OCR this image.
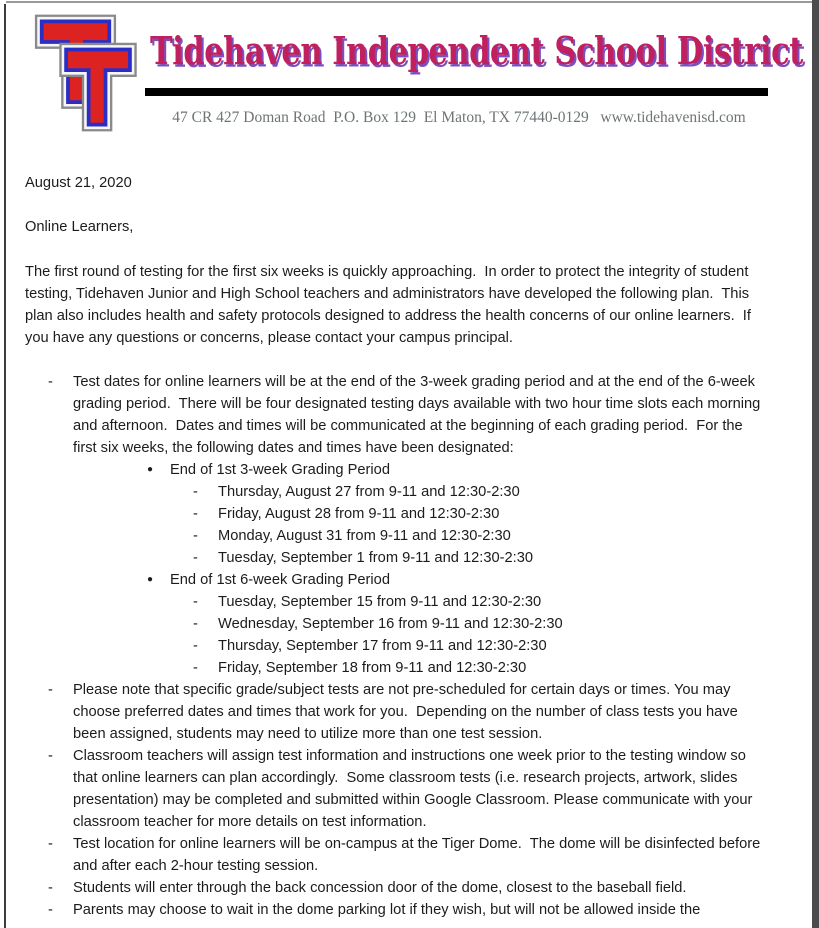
Tidehaven Independent School District
47 CR 427 Doman Road  P.O. Box 129  El Maton, TX 77440-0129   www.tidehavenisd.com

August 21, 2020

Online Learners,

The first round of testing for the first six weeks is quickly approaching.  In order to protect the integrity of student testing, Tidehaven Junior and High School teachers and administrators have developed the following plan.  This plan also includes health and safety protocols designed to address the health concerns of our online learners.  If you have any questions or concerns, please contact your campus principal.

-	Test dates for online learners will be at the end of the 3-week grading period and at the end of the 6-week grading period.  There will be four designated testing days available with two hour time slots each morning and afternoon.  Dates and times will be communicated at the beginning of each grading period.  For the first six weeks, the following dates and times have been designated:
●	End of 1st 3-week Grading Period
-	Thursday, August 27 from 9-11 and 12:30-2:30
-	Friday, August 28 from 9-11 and 12:30-2:30
-	Monday, August 31 from 9-11 and 12:30-2:30
-	Tuesday, September 1 from 9-11 and 12:30-2:30
●	End of 1st 6-week Grading Period
-	Tuesday, September 15 from 9-11 and 12:30-2:30
-	Wednesday, September 16 from 9-11 and 12:30-2:30
-	Thursday, September 17 from 9-11 and 12:30-2:30
-	Friday, September 18 from 9-11 and 12:30-2:30
-	Please note that specific grade/subject tests are not pre-scheduled for certain days or times. You may choose preferred dates and times that work for you.  Depending on the number of class tests you have been assigned, students may need to utilize more than one test session.
-	Classroom teachers will assign test information and instructions one week prior to the testing window so that online learners can plan accordingly.  Some classroom tests (i.e. research projects, artwork, slides presentation) may be completed and submitted within Google Classroom. Please communicate with your classroom teacher for more details on test information.
-	Test location for online learners will be on-campus at the Tiger Dome.  The dome will be disinfected before and after each 2-hour testing session.
-	Students will enter through the back concession door of the dome, closest to the baseball field.
-	Parents may choose to wait in the dome parking lot if they wish, but will not be allowed inside the
